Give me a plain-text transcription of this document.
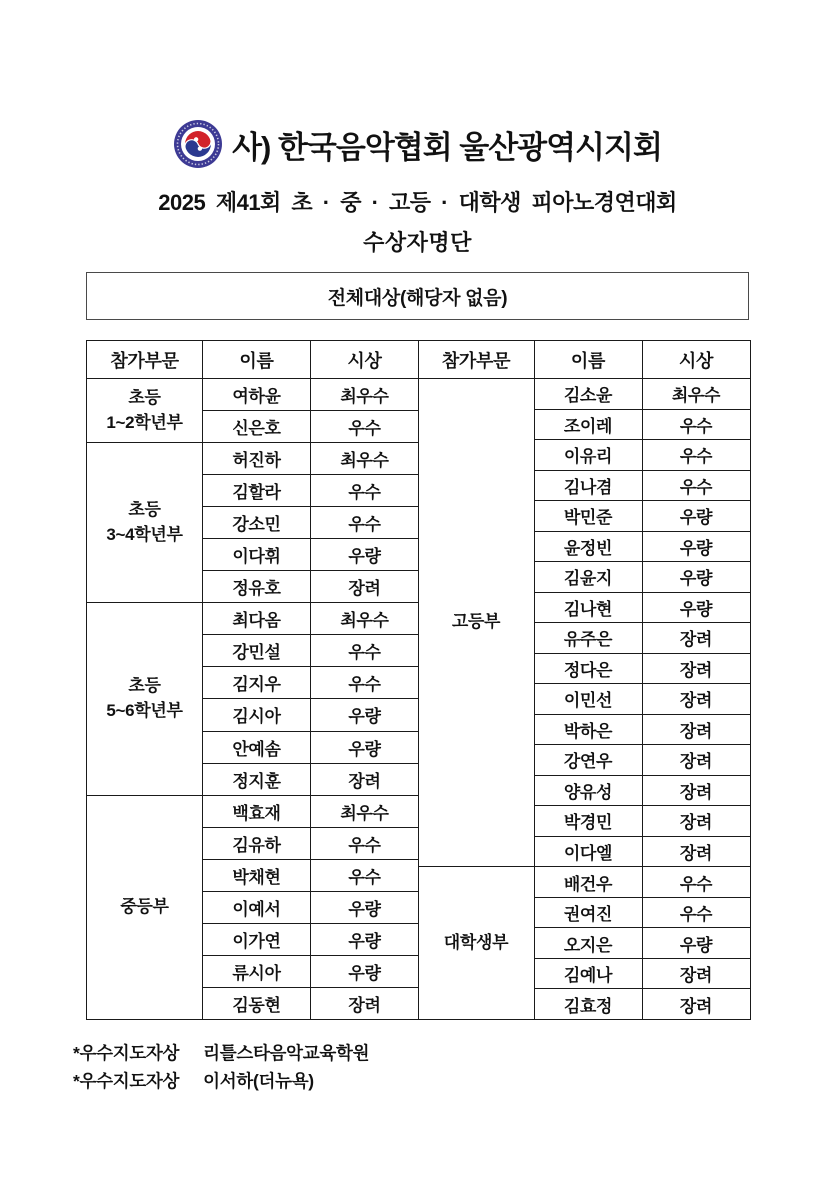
사) 한국음악협회 울산광역시지회
2025 제41회 초 · 중 · 고등 · 대학생 피아노경연대회
수상자명단
전체대상(해당자 없음)
참가부문	이름	시상

초등
1~2학년부	여하윤	최우수
	신은호	우수

초등
3~4학년부	허진하	최우수
	김할라	우수
	강소민	우수
	이다휘	우량
	정유호	장려

초등
5~6학년부	최다옴	최우수
	강민설	우수
	김지우	우수
	김시아	우량
	안예솜	우량
	정지훈	장려

중등부	백효재	최우수
	김유하	우수
	박채현	우수
	이예서	우량
	이가연	우량
	류시아	우량
	김동현	장려
참가부문	이름	시상

고등부	김소윤	최우수
	조이레	우수
	이유리	우수
	김나겸	우수
	박민준	우량
	윤정빈	우량
	김윤지	우량
	김나현	우량
	유주은	장려
	정다은	장려
	이민선	장려
	박하은	장려
	강연우	장려
	양유성	장려
	박경민	장려
	이다엘	장려

대학생부	배건우	우수
	권여진	우수
	오지은	우량
	김예나	장려
	김효정	장려
*우수지도자상 리틀스타음악교육학원
*우수지도자상 이서하(더뉴욕)
